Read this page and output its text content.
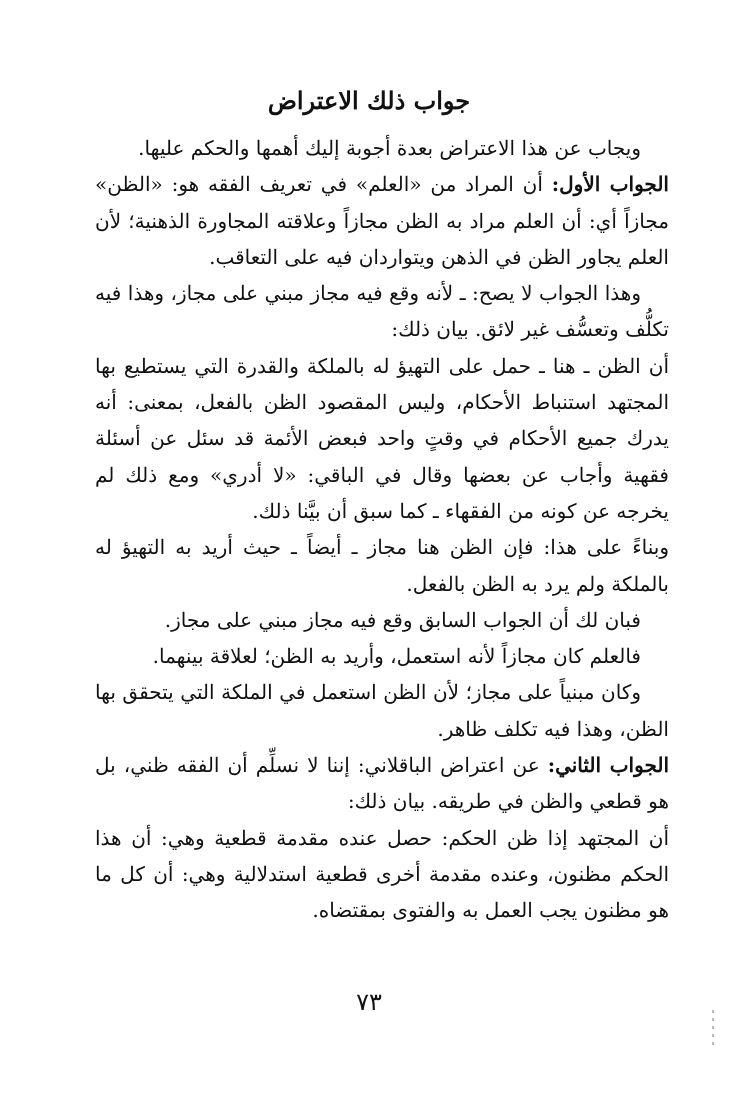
جواب ذلك الاعتراض

ويجاب عن هذا الاعتراض بعدة أجوبة إليك أهمها والحكم عليها.

الجواب الأول: أن المراد من «العلم» في تعريف الفقه هو: «الظن» مجازاً أي: أن العلم مراد به الظن مجازاً وعلاقته المجاورة الذهنية؛ لأن العلم يجاور الظن في الذهن ويتواردان فيه على التعاقب.

وهذا الجواب لا يصح: ـ لأنه وقع فيه مجاز مبني على مجاز، وهذا فيه تكلُّف وتعسُّف غير لائق. بيان ذلك:

أن الظن ـ هنا ـ حمل على التهيؤ له بالملكة والقدرة التي يستطيع بها المجتهد استنباط الأحكام، وليس المقصود الظن بالفعل، بمعنى: أنه يدرك جميع الأحكام في وقتٍ واحد فبعض الأئمة قد سئل عن أسئلة فقهية وأجاب عن بعضها وقال في الباقي: «لا أدري» ومع ذلك لم يخرجه عن كونه من الفقهاء ـ كما سبق أن بيَّنا ذلك.

وبناءً على هذا: فإن الظن هنا مجاز ـ أيضاً ـ حيث أريد به التهيؤ له بالملكة ولم يرد به الظن بالفعل.

فبان لك أن الجواب السابق وقع فيه مجاز مبني على مجاز.

فالعلم كان مجازاً لأنه استعمل، وأريد به الظن؛ لعلاقة بينهما.

وكان مبنياً على مجاز؛ لأن الظن استعمل في الملكة التي يتحقق بها الظن، وهذا فيه تكلف ظاهر.

الجواب الثاني: عن اعتراض الباقلاني: إننا لا نسلِّم أن الفقه ظني، بل هو قطعي والظن في طريقه. بيان ذلك:

أن المجتهد إذا ظن الحكم: حصل عنده مقدمة قطعية وهي: أن هذا الحكم مظنون، وعنده مقدمة أخرى قطعية استدلالية وهي: أن كل ما هو مظنون يجب العمل به والفتوى بمقتضاه.

٧٣
